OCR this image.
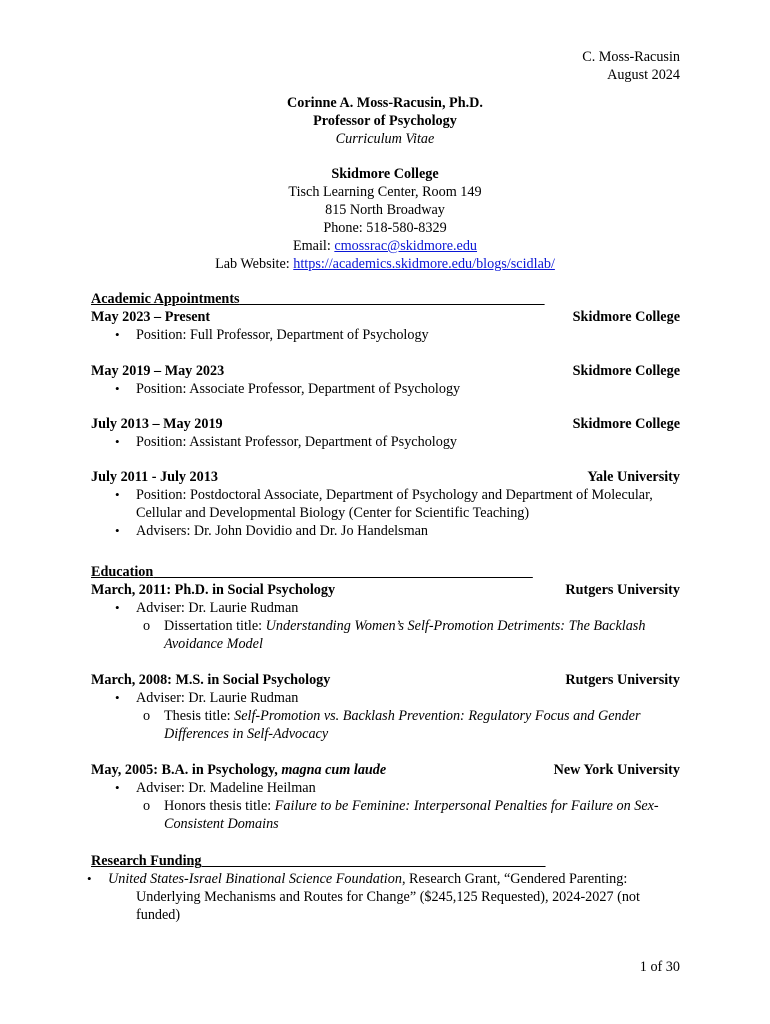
C. Moss-Racusin
August 2024
Corinne A. Moss-Racusin, Ph.D.
Professor of Psychology
Curriculum Vitae
Skidmore College
Tisch Learning Center, Room 149
815 North Broadway
Phone: 518-580-8329
Email: cmossrac@skidmore.edu
Lab Website: https://academics.skidmore.edu/blogs/scidlab/
Academic Appointments
May 2023 – Present	Skidmore College
• Position: Full Professor, Department of Psychology
May 2019 – May 2023	Skidmore College
• Position: Associate Professor, Department of Psychology
July 2013 – May 2019	Skidmore College
• Position: Assistant Professor, Department of Psychology
July 2011 - July 2013	Yale University
• Position: Postdoctoral Associate, Department of Psychology and Department of Molecular, Cellular and Developmental Biology (Center for Scientific Teaching)
• Advisers: Dr. John Dovidio and Dr. Jo Handelsman
Education
March, 2011: Ph.D. in Social Psychology	Rutgers University
• Adviser: Dr. Laurie Rudman
o Dissertation title: Understanding Women’s Self-Promotion Detriments: The Backlash Avoidance Model
March, 2008: M.S. in Social Psychology	Rutgers University
• Adviser: Dr. Laurie Rudman
o Thesis title: Self-Promotion vs. Backlash Prevention: Regulatory Focus and Gender Differences in Self-Advocacy
May, 2005: B.A. in Psychology, magna cum laude	New York University
• Adviser: Dr. Madeline Heilman
o Honors thesis title: Failure to be Feminine: Interpersonal Penalties for Failure on Sex-Consistent Domains
Research Funding
• United States-Israel Binational Science Foundation, Research Grant, “Gendered Parenting: Underlying Mechanisms and Routes for Change” ($245,125 Requested), 2024-2027 (not funded)
1 of 30
